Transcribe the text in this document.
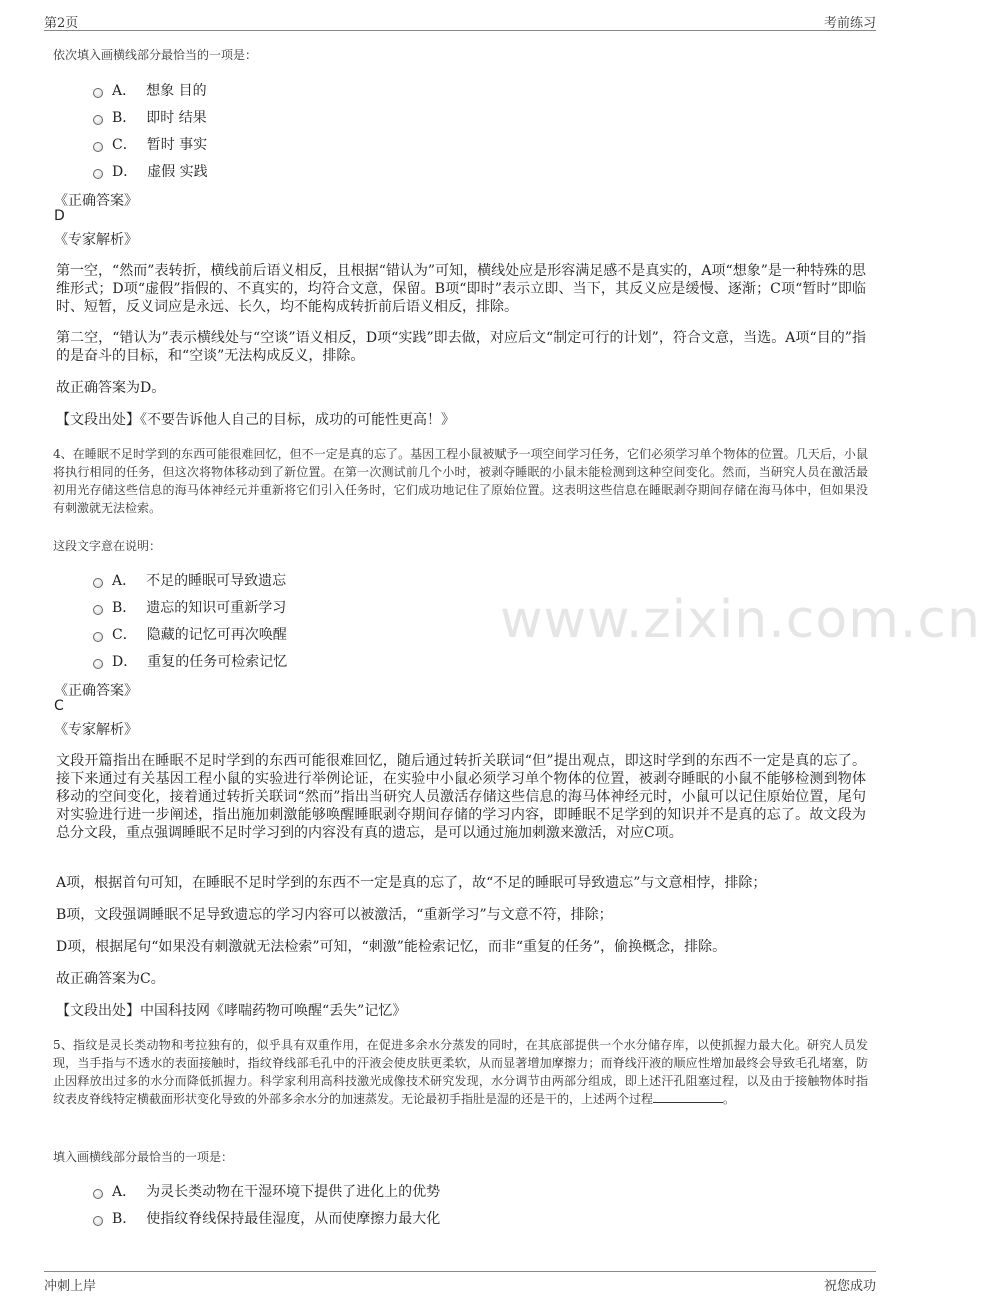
第2页	考前练习
www.zixin.com.cn
依次填入画横线部分最恰当的一项是：
A． 想象 目的
B． 即时 结果
C． 暂时 事实
D． 虚假 实践
《正确答案》
D
《专家解析》
第一空，“然而”表转折，横线前后语义相反，且根据“错认为”可知，横线处应是形容满足感不是真实的，A项“想象”是一种特殊的思维形式；D项“虚假”指假的、不真实的，均符合文意，保留。B项“即时”表示立即、当下，其反义应是缓慢、逐渐；C项“暂时”即临时、短暂，反义词应是永远、长久，均不能构成转折前后语义相反，排除。
第二空，“错认为”表示横线处与“空谈”语义相反，D项“实践”即去做，对应后文“制定可行的计划”，符合文意，当选。A项“目的”指的是奋斗的目标，和“空谈”无法构成反义，排除。
故正确答案为D。
【文段出处】《不要告诉他人自己的目标，成功的可能性更高！》
4、在睡眠不足时学到的东西可能很难回忆，但不一定是真的忘了。基因工程小鼠被赋予一项空间学习任务，它们必须学习单个物体的位置。几天后，小鼠将执行相同的任务，但这次将物体移动到了新位置。在第一次测试前几个小时，被剥夺睡眠的小鼠未能检测到这种空间变化。然而，当研究人员在激活最初用光存储这些信息的海马体神经元并重新将它们引入任务时，它们成功地记住了原始位置。这表明这些信息在睡眠剥夺期间存储在海马体中，但如果没有刺激就无法检索。
这段文字意在说明：
A． 不足的睡眠可导致遗忘
B． 遗忘的知识可重新学习
C． 隐藏的记忆可再次唤醒
D． 重复的任务可检索记忆
《正确答案》
C
《专家解析》
文段开篇指出在睡眠不足时学到的东西可能很难回忆，随后通过转折关联词“但”提出观点，即这时学到的东西不一定是真的忘了。接下来通过有关基因工程小鼠的实验进行举例论证，在实验中小鼠必须学习单个物体的位置，被剥夺睡眠的小鼠不能够检测到物体移动的空间变化，接着通过转折关联词“然而”指出当研究人员激活存储这些信息的海马体神经元时，小鼠可以记住原始位置，尾句对实验进行进一步阐述，指出施加刺激能够唤醒睡眠剥夺期间存储的学习内容，即睡眠不足学到的知识并不是真的忘了。故文段为总分文段，重点强调睡眠不足时学习到的内容没有真的遗忘，是可以通过施加刺激来激活，对应C项。
A项，根据首句可知，在睡眠不足时学到的东西不一定是真的忘了，故“不足的睡眠可导致遗忘”与文意相悖，排除；
B项，文段强调睡眠不足导致遗忘的学习内容可以被激活，“重新学习”与文意不符，排除；
D项，根据尾句“如果没有刺激就无法检索”可知，“刺激”能检索记忆，而非“重复的任务”，偷换概念，排除。
故正确答案为C。
【文段出处】中国科技网《哮喘药物可唤醒“丢失”记忆》
5、指纹是灵长类动物和考拉独有的，似乎具有双重作用，在促进多余水分蒸发的同时，在其底部提供一个水分储存库，以使抓握力最大化。研究人员发现，当手指与不透水的表面接触时，指纹脊线部毛孔中的汗液会使皮肤更柔软，从而显著增加摩擦力；而脊线汗液的顺应性增加最终会导致毛孔堵塞，防止因释放出过多的水分而降低抓握力。科学家利用高科技激光成像技术研究发现，水分调节由两部分组成，即上述汗孔阻塞过程，以及由于接触物体时指纹表皮脊线特定横截面形状变化导致的外部多余水分的加速蒸发。无论最初手指肚是湿的还是干的，上述两个过程	。
填入画横线部分最恰当的一项是：
A． 为灵长类动物在干湿环境下提供了进化上的优势
B． 使指纹脊线保持最佳湿度，从而使摩擦力最大化
冲刺上岸	祝您成功
